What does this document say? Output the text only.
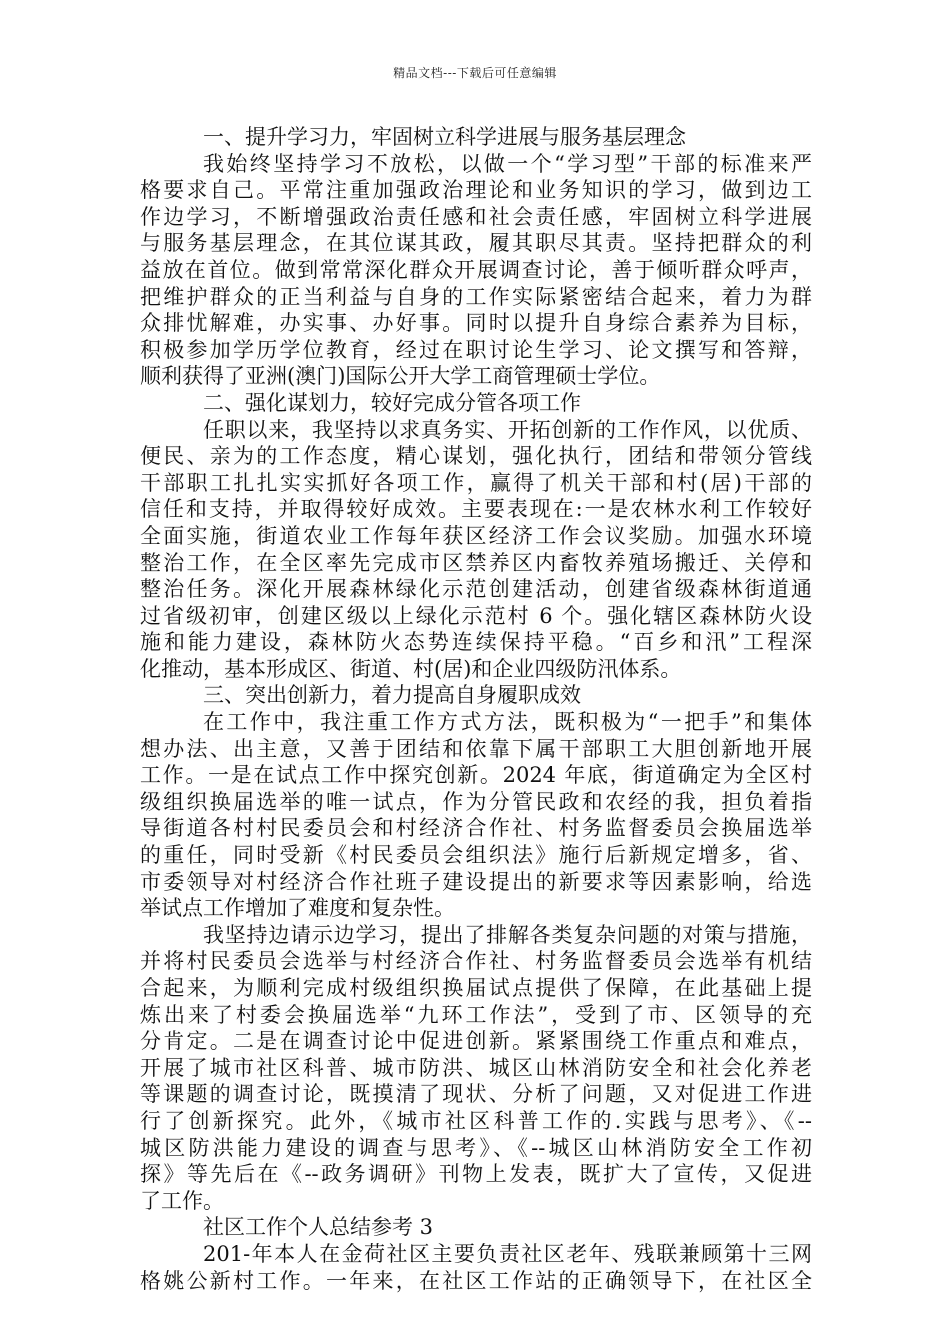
精品文档---下载后可任意编辑
一、提升学习力，牢固树立科学进展与服务基层理念
我始终坚持学习不放松，以做一个“学习型”干部的标准来严
格要求自己。平常注重加强政治理论和业务知识的学习，做到边工
作边学习，不断增强政治责任感和社会责任感，牢固树立科学进展
与服务基层理念，在其位谋其政，履其职尽其责。坚持把群众的利
益放在首位。做到常常深化群众开展调查讨论，善于倾听群众呼声，
把维护群众的正当利益与自身的工作实际紧密结合起来，着力为群
众排忧解难，办实事、办好事。同时以提升自身综合素养为目标，
积极参加学历学位教育，经过在职讨论生学习、论文撰写和答辩，
顺利获得了亚洲(澳门)国际公开大学工商管理硕士学位。
二、强化谋划力，较好完成分管各项工作
任职以来，我坚持以求真务实、开拓创新的工作作风，以优质、
便民、亲为的工作态度，精心谋划，强化执行，团结和带领分管线
干部职工扎扎实实抓好各项工作，赢得了机关干部和村(居)干部的
信任和支持，并取得较好成效。主要表现在:一是农林水利工作较好
全面实施，街道农业工作每年获区经济工作会议奖励。加强水环境
整治工作，在全区率先完成市区禁养区内畜牧养殖场搬迁、关停和
整治任务。深化开展森林绿化示范创建活动，创建省级森林街道通
过省级初审，创建区级以上绿化示范村 6 个。强化辖区森林防火设
施和能力建设，森林防火态势连续保持平稳。“百乡和汛”工程深
化推动，基本形成区、街道、村(居)和企业四级防汛体系。
三、突出创新力，着力提高自身履职成效
在工作中，我注重工作方式方法，既积极为“一把手”和集体
想办法、出主意，又善于团结和依靠下属干部职工大胆创新地开展
工作。一是在试点工作中探究创新。2024 年底，街道确定为全区村
级组织换届选举的唯一试点，作为分管民政和农经的我，担负着指
导街道各村村民委员会和村经济合作社、村务监督委员会换届选举
的重任，同时受新《村民委员会组织法》施行后新规定增多，省、
市委领导对村经济合作社班子建设提出的新要求等因素影响，给选
举试点工作增加了难度和复杂性。
我坚持边请示边学习，提出了排解各类复杂问题的对策与措施，
并将村民委员会选举与村经济合作社、村务监督委员会选举有机结
合起来，为顺利完成村级组织换届试点提供了保障，在此基础上提
炼出来了村委会换届选举“九环工作法”，受到了市、区领导的充
分肯定。二是在调查讨论中促进创新。紧紧围绕工作重点和难点，
开展了城市社区科普、城市防洪、城区山林消防安全和社会化养老
等课题的调查讨论，既摸清了现状、分析了问题，又对促进工作进
行了创新探究。此外，《城市社区科普工作的.实践与思考》、《--
城区防洪能力建设的调查与思考》、《--城区山林消防安全工作初
探》等先后在《--政务调研》刊物上发表，既扩大了宣传，又促进
了工作。
社区工作个人总结参考 3
201-年本人在金荷社区主要负责社区老年、残联兼顾第十三网
格姚公新村工作。一年来，在社区工作站的正确领导下，在社区全
